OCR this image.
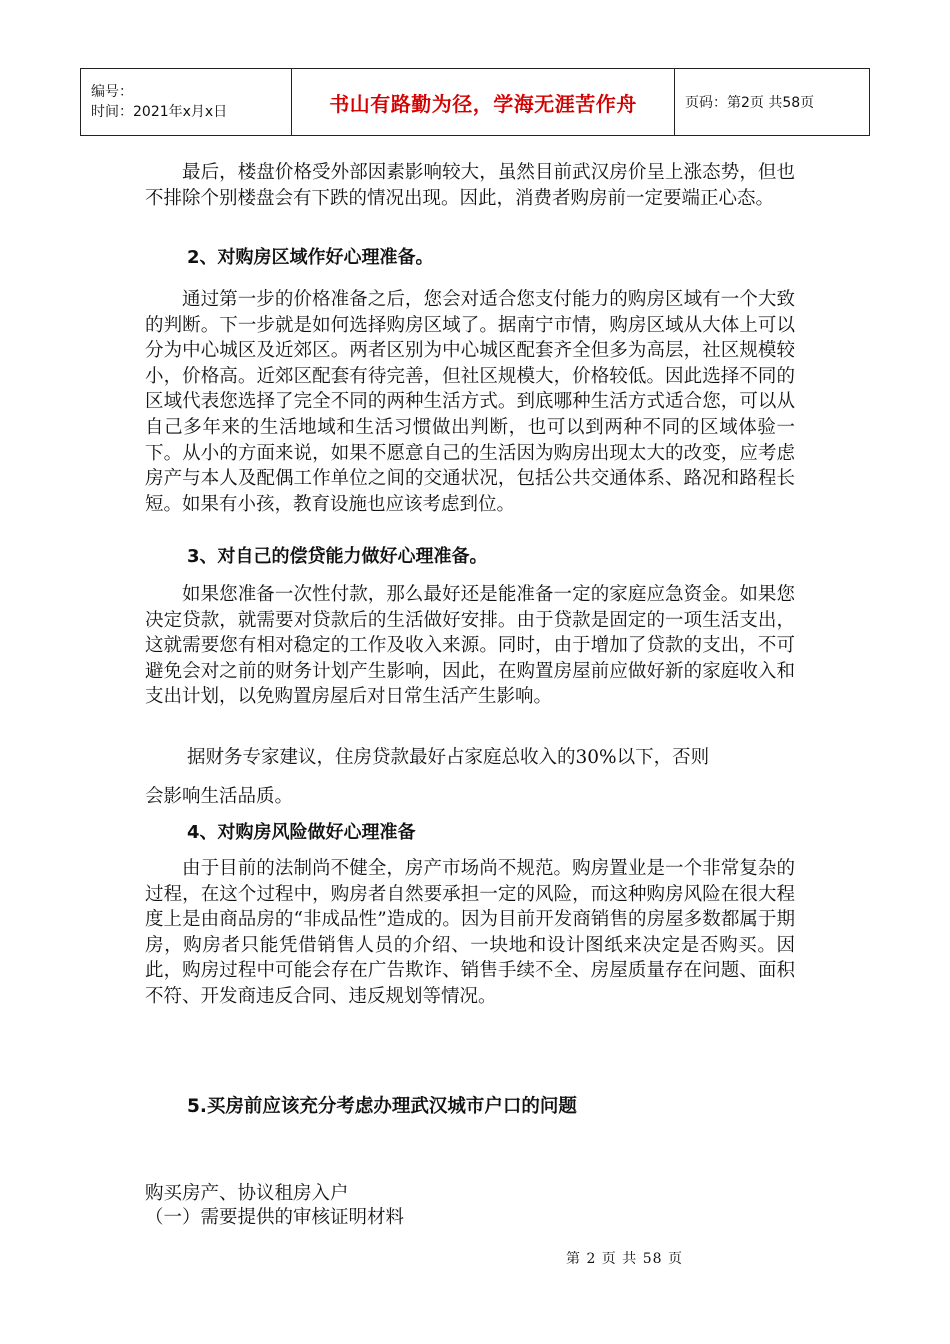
编号：
时间：2021年x月x日	书山有路勤为径，学海无涯苦作舟	页码：第2页 共58页

最后，楼盘价格受外部因素影响较大，虽然目前武汉房价呈上涨态势，但也不排除个别楼盘会有下跌的情况出现。因此，消费者购房前一定要端正心态。

2、对购房区域作好心理准备。

通过第一步的价格准备之后，您会对适合您支付能力的购房区域有一个大致的判断。下一步就是如何选择购房区域了。据南宁市情，购房区域从大体上可以分为中心城区及近郊区。两者区别为中心城区配套齐全但多为高层，社区规模较小，价格高。近郊区配套有待完善，但社区规模大，价格较低。因此选择不同的区域代表您选择了完全不同的两种生活方式。到底哪种生活方式适合您，可以从自己多年来的生活地域和生活习惯做出判断，也可以到两种不同的区域体验一下。从小的方面来说，如果不愿意自己的生活因为购房出现太大的改变，应考虑房产与本人及配偶工作单位之间的交通状况，包括公共交通体系、路况和路程长短。如果有小孩，教育设施也应该考虑到位。

3、对自己的偿贷能力做好心理准备。

如果您准备一次性付款，那么最好还是能准备一定的家庭应急资金。如果您决定贷款，就需要对贷款后的生活做好安排。由于贷款是固定的一项生活支出，这就需要您有相对稳定的工作及收入来源。同时，由于增加了贷款的支出，不可避免会对之前的财务计划产生影响，因此，在购置房屋前应做好新的家庭收入和支出计划，以免购置房屋后对日常生活产生影响。

据财务专家建议，住房贷款最好占家庭总收入的30%以下，否则

会影响生活品质。

4、对购房风险做好心理准备

由于目前的法制尚不健全，房产市场尚不规范。购房置业是一个非常复杂的过程，在这个过程中，购房者自然要承担一定的风险，而这种购房风险在很大程度上是由商品房的“非成品性”造成的。因为目前开发商销售的房屋多数都属于期房，购房者只能凭借销售人员的介绍、一块地和设计图纸来决定是否购买。因此，购房过程中可能会存在广告欺诈、销售手续不全、房屋质量存在问题、面积不符、开发商违反合同、违反规划等情况。

5.买房前应该充分考虑办理武汉城市户口的问题

购买房产、协议租房入户

（一）需要提供的审核证明材料

第 2 页 共 58 页
